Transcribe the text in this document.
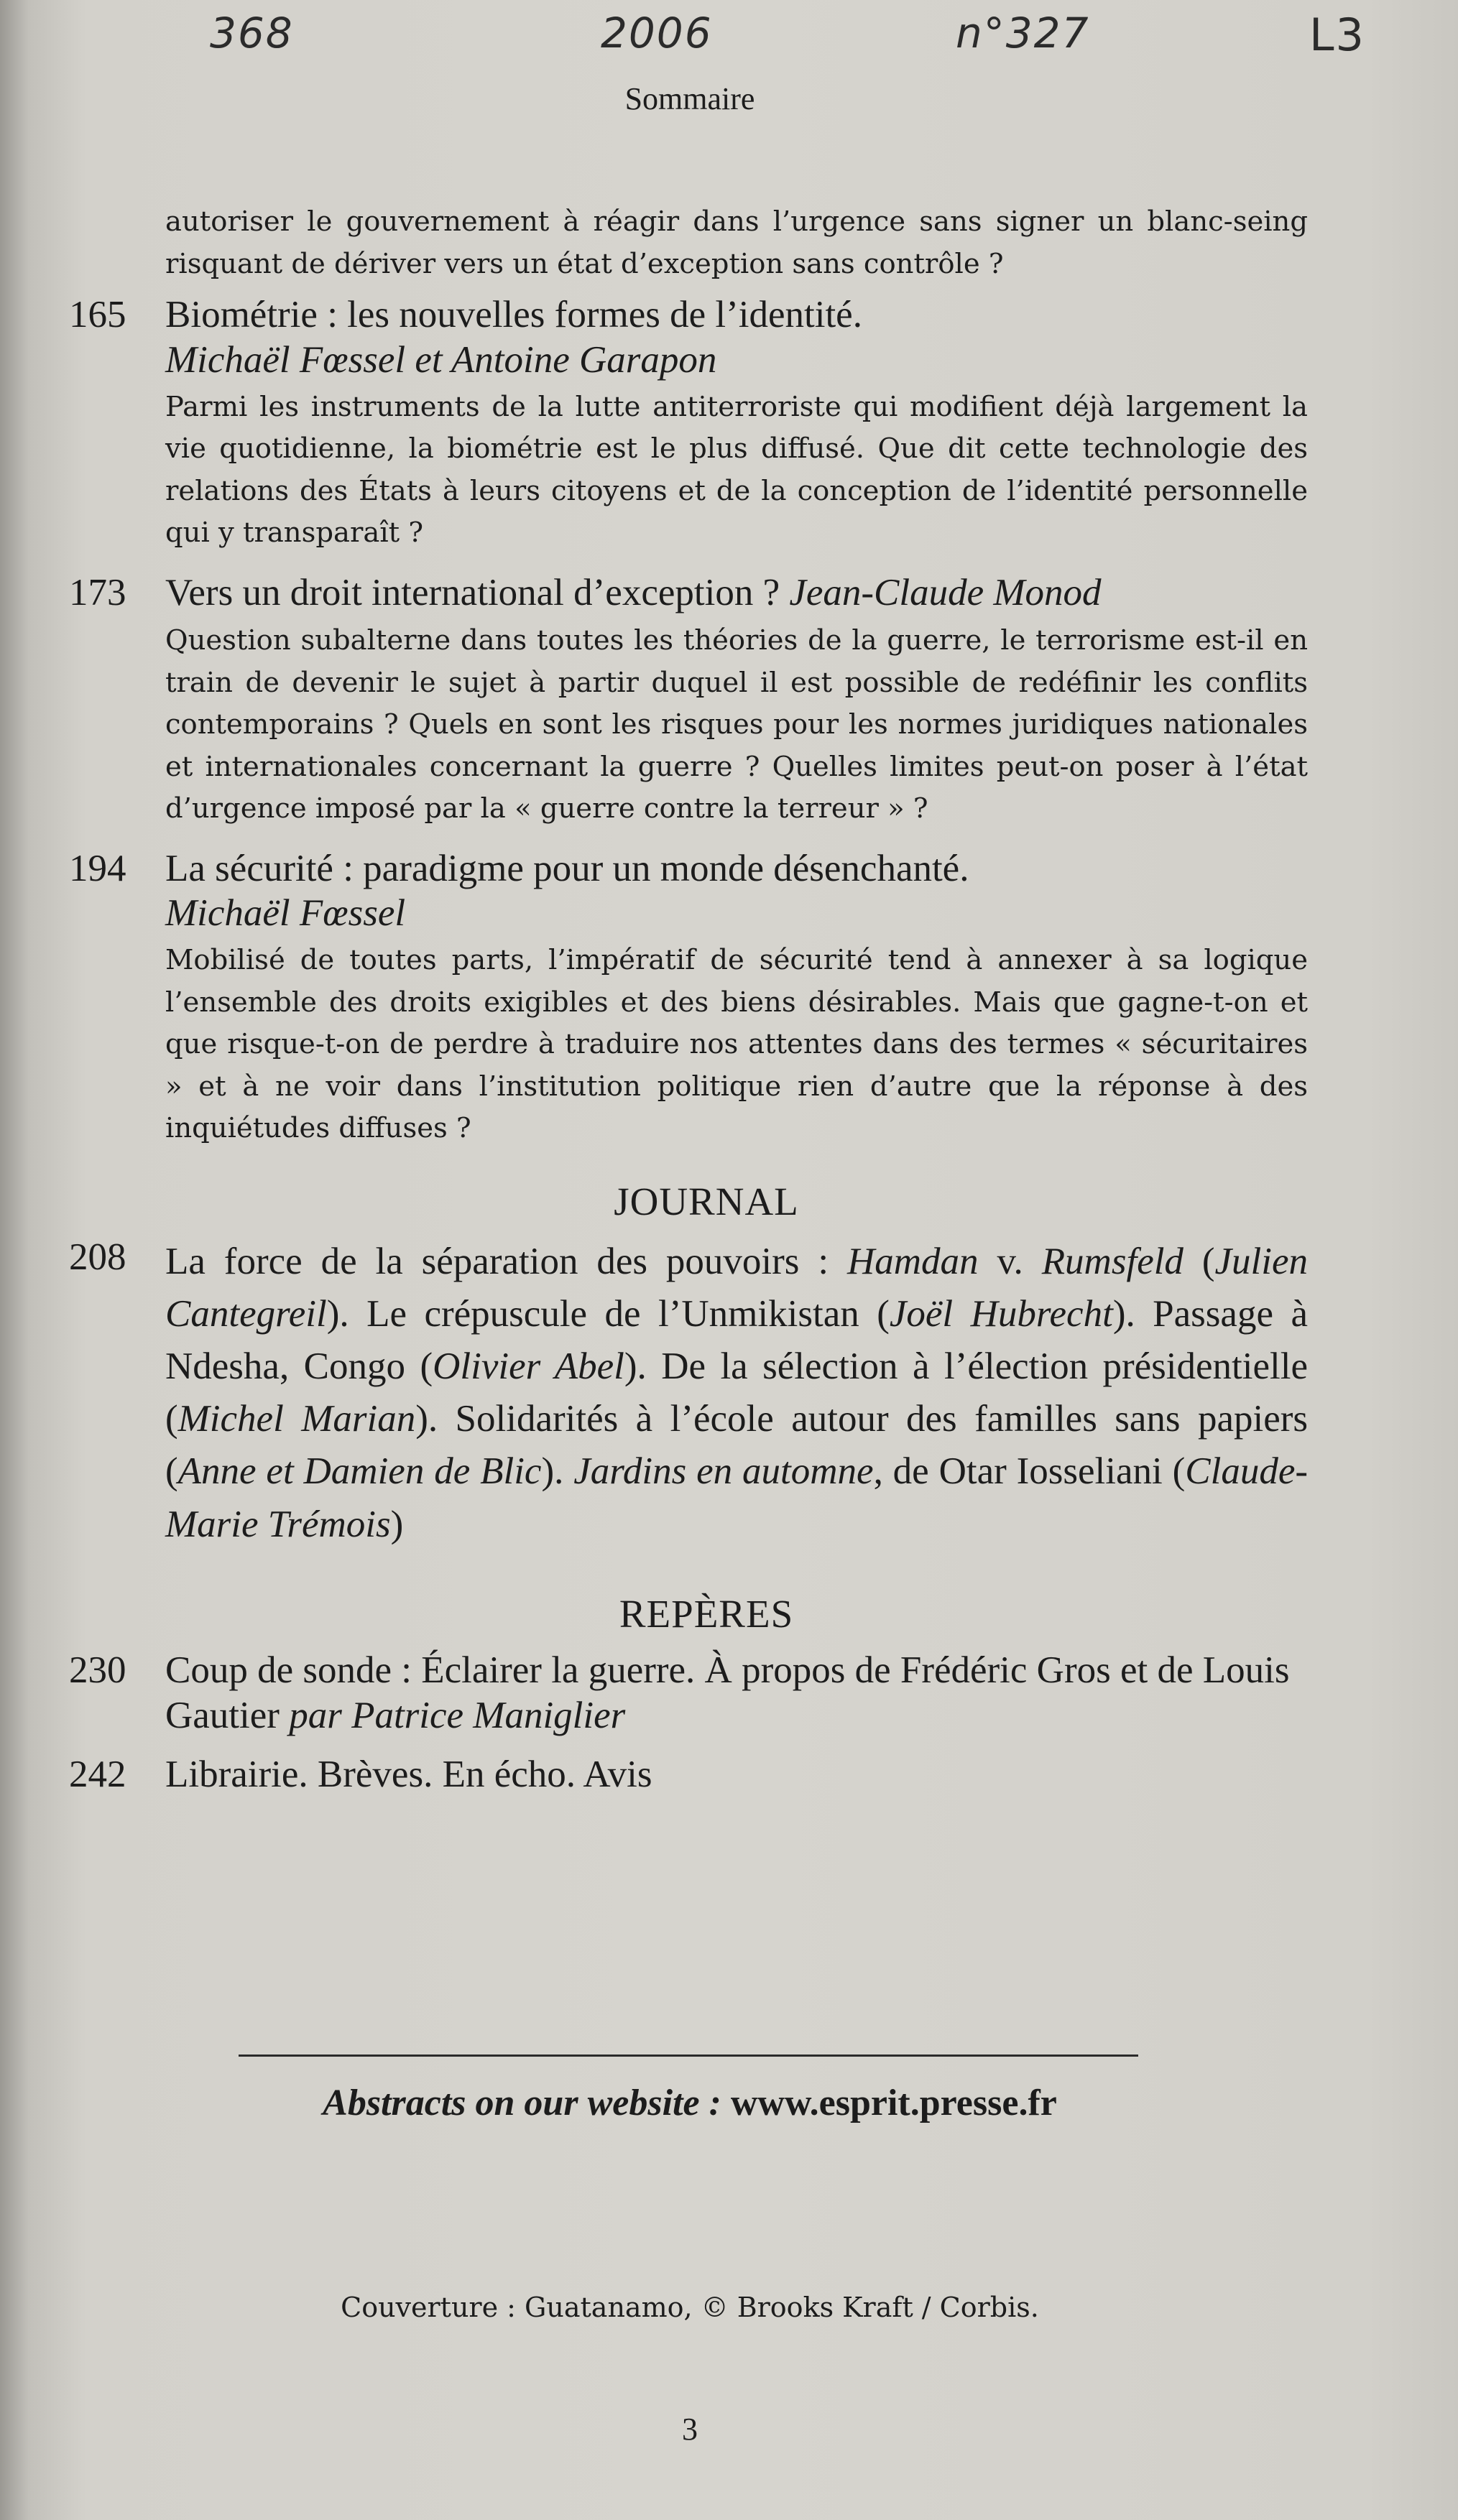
368	2006	n°327	L3
Sommaire

autoriser le gouvernement à réagir dans l’urgence sans signer un blanc-seing risquant de dériver vers un état d’exception sans contrôle ?

165	Biométrie : les nouvelles formes de l’identité.
Michaël Fœssel et Antoine Garapon

Parmi les instruments de la lutte antiterroriste qui modifient déjà largement la vie quotidienne, la biométrie est le plus diffusé. Que dit cette technologie des relations des États à leurs citoyens et de la conception de l’identité personnelle qui y transparaît ?

173	Vers un droit international d’exception ? Jean-Claude Monod

Question subalterne dans toutes les théories de la guerre, le terrorisme est-il en train de devenir le sujet à partir duquel il est possible de redéfinir les conflits contemporains ? Quels en sont les risques pour les normes juridiques nationales et internationales concernant la guerre ? Quelles limites peut-on poser à l’état d’urgence imposé par la « guerre contre la terreur » ?

194	La sécurité : paradigme pour un monde désenchanté.
Michaël Fœssel

Mobilisé de toutes parts, l’impératif de sécurité tend à annexer à sa logique l’ensemble des droits exigibles et des biens désirables. Mais que gagne-t-on et que risque-t-on de perdre à traduire nos attentes dans des termes « sécuritaires » et à ne voir dans l’institution politique rien d’autre que la réponse à des inquiétudes diffuses ?

JOURNAL
208	La force de la séparation des pouvoirs : Hamdan v. Rumsfeld (Julien Cantegreil). Le crépuscule de l’Unmikistan (Joël Hubrecht). Passage à Ndesha, Congo (Olivier Abel). De la sélection à l’élection présidentielle (Michel Marian). Solidarités à l’école autour des familles sans papiers (Anne et Damien de Blic). Jardins en automne, de Otar Iosseliani (Claude-Marie Trémois)
REPÈRES
230	Coup de sonde : Éclairer la guerre. À propos de Frédéric Gros et de Louis Gautier par Patrice Maniglier
242	Librairie. Brèves. En écho. Avis
Abstracts on our website : www.esprit.presse.fr
Couverture : Guatanamo, © Brooks Kraft / Corbis.
3
